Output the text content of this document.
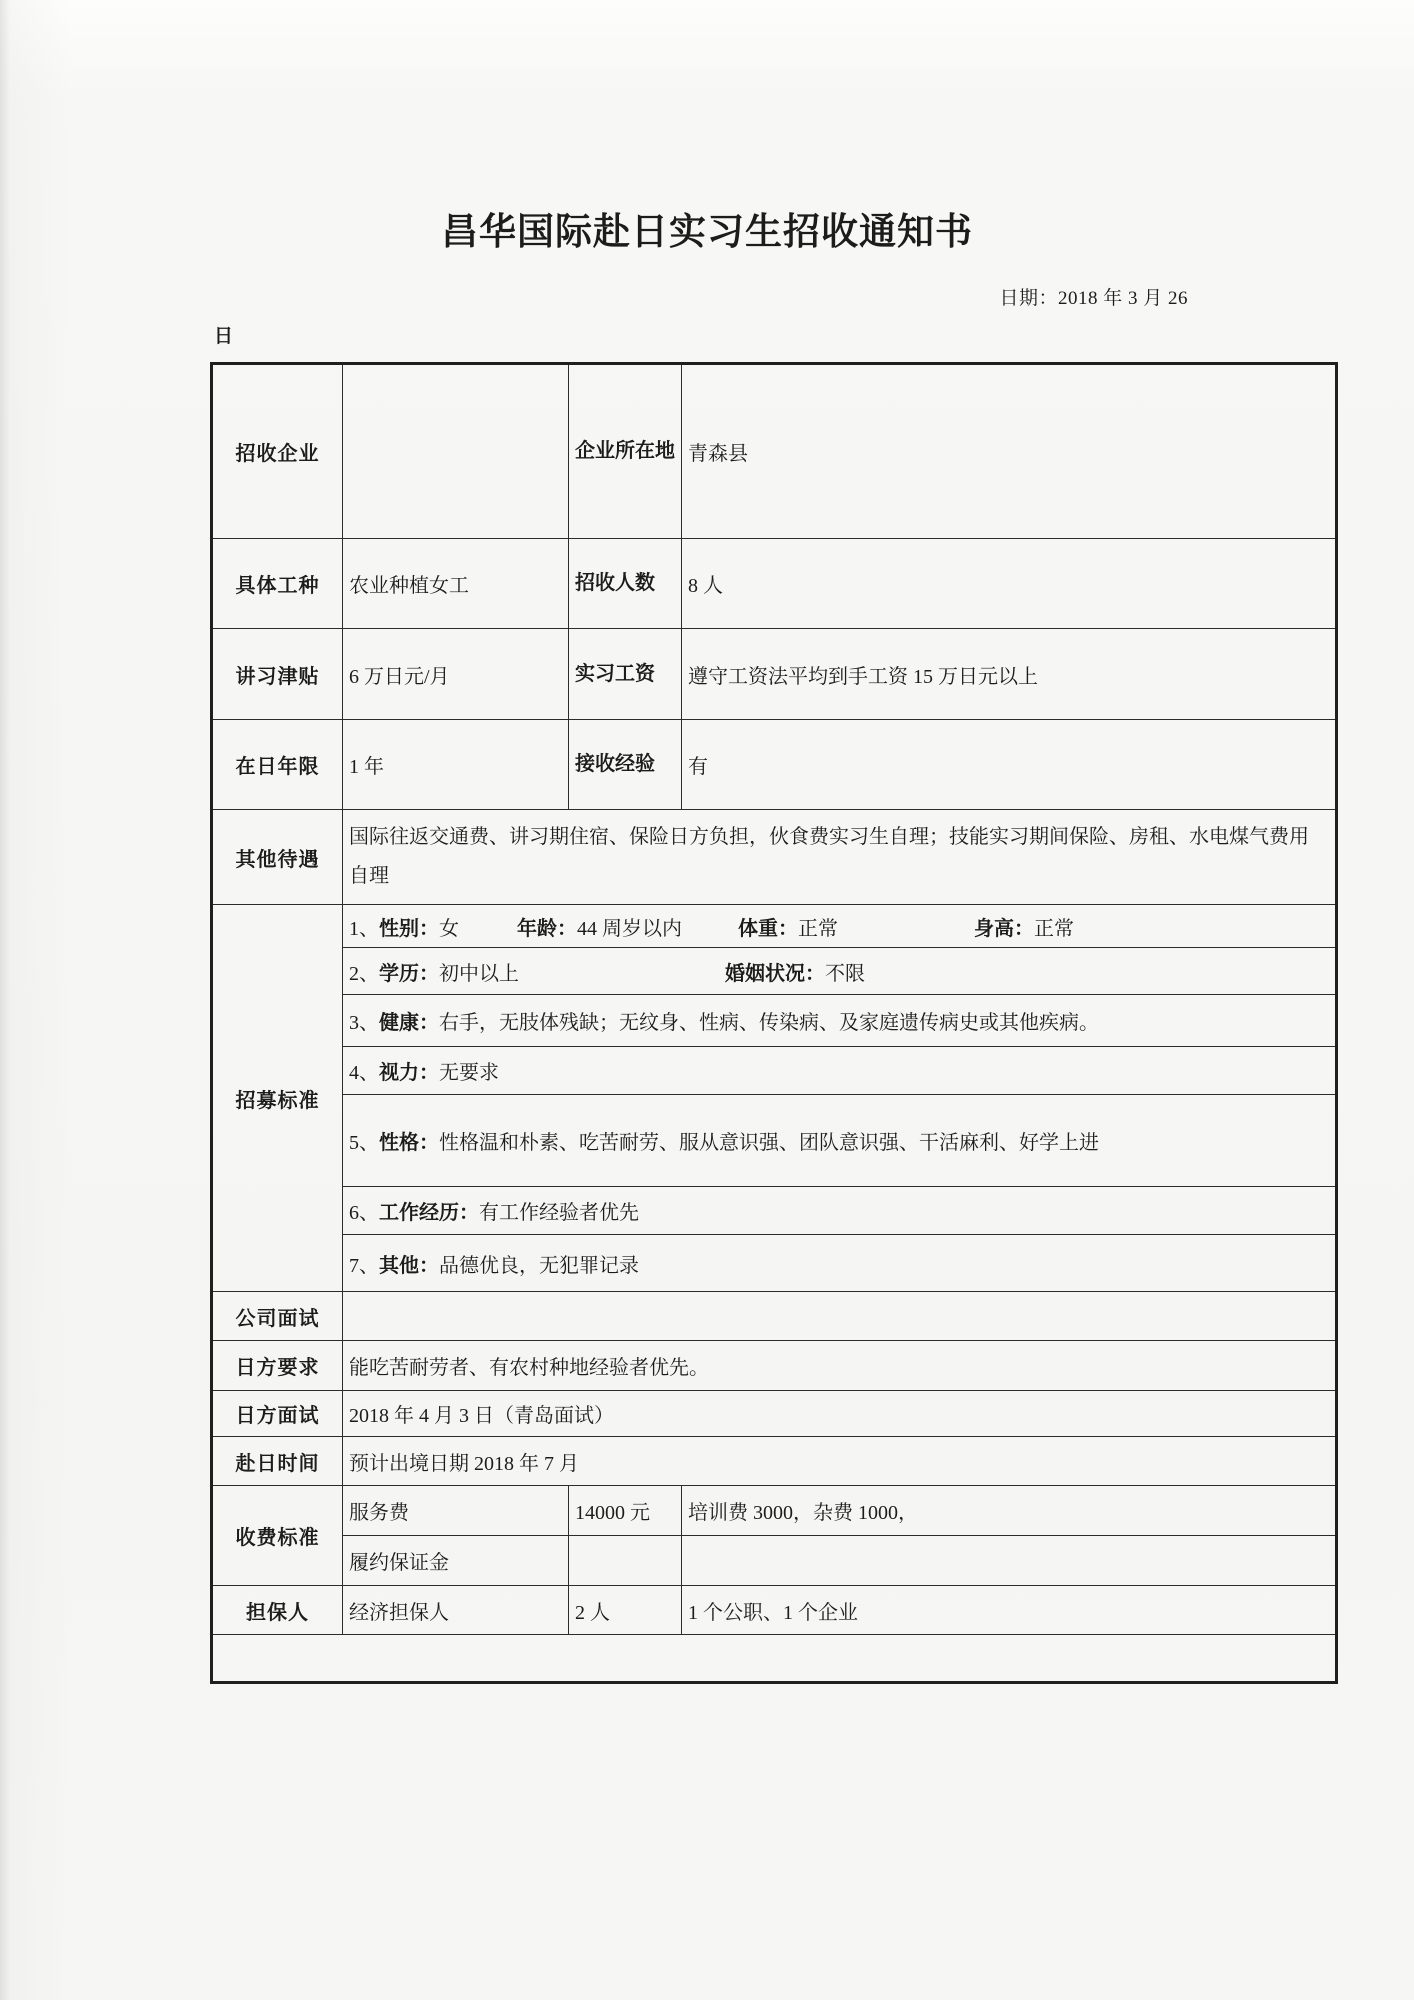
昌华国际赴日实习生招收通知书
日期：2018 年 3 月 26
日
招收企业		企业所在地	青森县
具体工种	农业种植女工	招收人数	8 人
讲习津贴	6 万日元/月	实习工资	遵守工资法平均到手工资 15 万日元以上
在日年限	1 年	接收经验	有
其他待遇	国际往返交通费、讲习期住宿、保险日方负担，伙食费实习生自理；技能实习期间保险、房租、水电煤气费用自理		
招募标准	1、性别：女 年龄：44 周岁以内 体重：正常 身高：正常		
	2、学历：初中以上 婚姻状况：不限		
	3、健康：右手，无肢体残缺；无纹身、性病、传染病、及家庭遗传病史或其他疾病。		
	4、视力：无要求		
	5、性格：性格温和朴素、吃苦耐劳、服从意识强、团队意识强、干活麻利、好学上进		
	6、工作经历：有工作经验者优先		
	7、其他：品德优良，无犯罪记录		
公司面试			
日方要求	能吃苦耐劳者、有农村种地经验者优先。		
日方面试	2018 年 4 月 3 日（青岛面试）		
赴日时间	预计出境日期 2018 年 7 月		
收费标准	服务费	14000 元	培训费 3000，杂费 1000，
	履约保证金		
担保人	经济担保人	2 人	1 个公职、1 个企业
